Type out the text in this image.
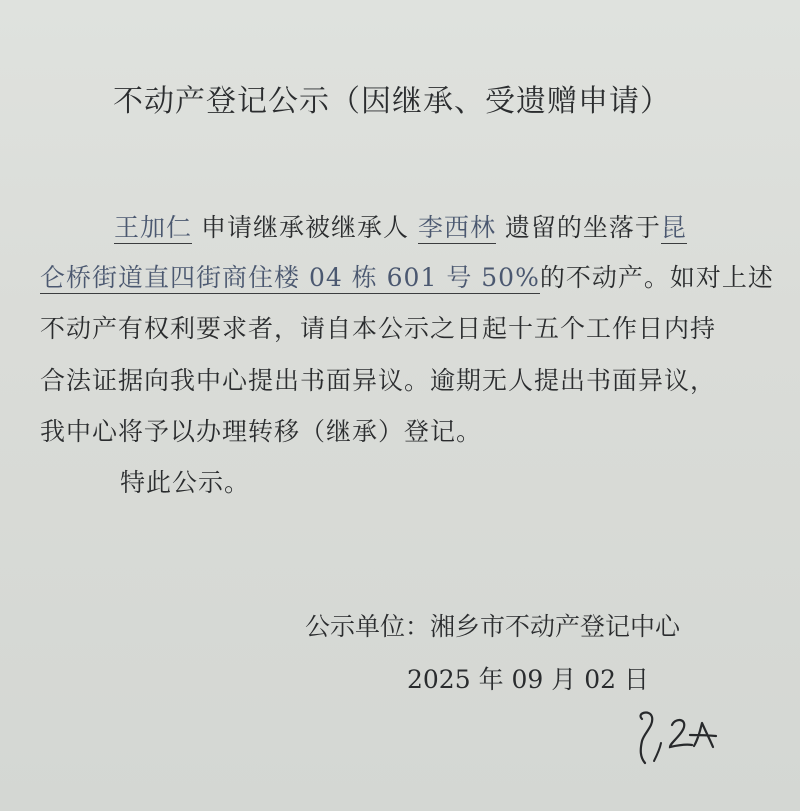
不动产登记公示（因继承、受遗赠申请）
王加仁 申请继承被继承人 李西林 遗留的坐落于昆
仑桥街道直四街商住楼 04 栋 601 号 50%的不动产。如对上述
不动产有权利要求者，请自本公示之日起十五个工作日内持
合法证据向我中心提出书面异议。逾期无人提出书面异议，
我中心将予以办理转移（继承）登记。
特此公示。
公示单位：湘乡市不动产登记中心
2025 年 09 月 02 日
